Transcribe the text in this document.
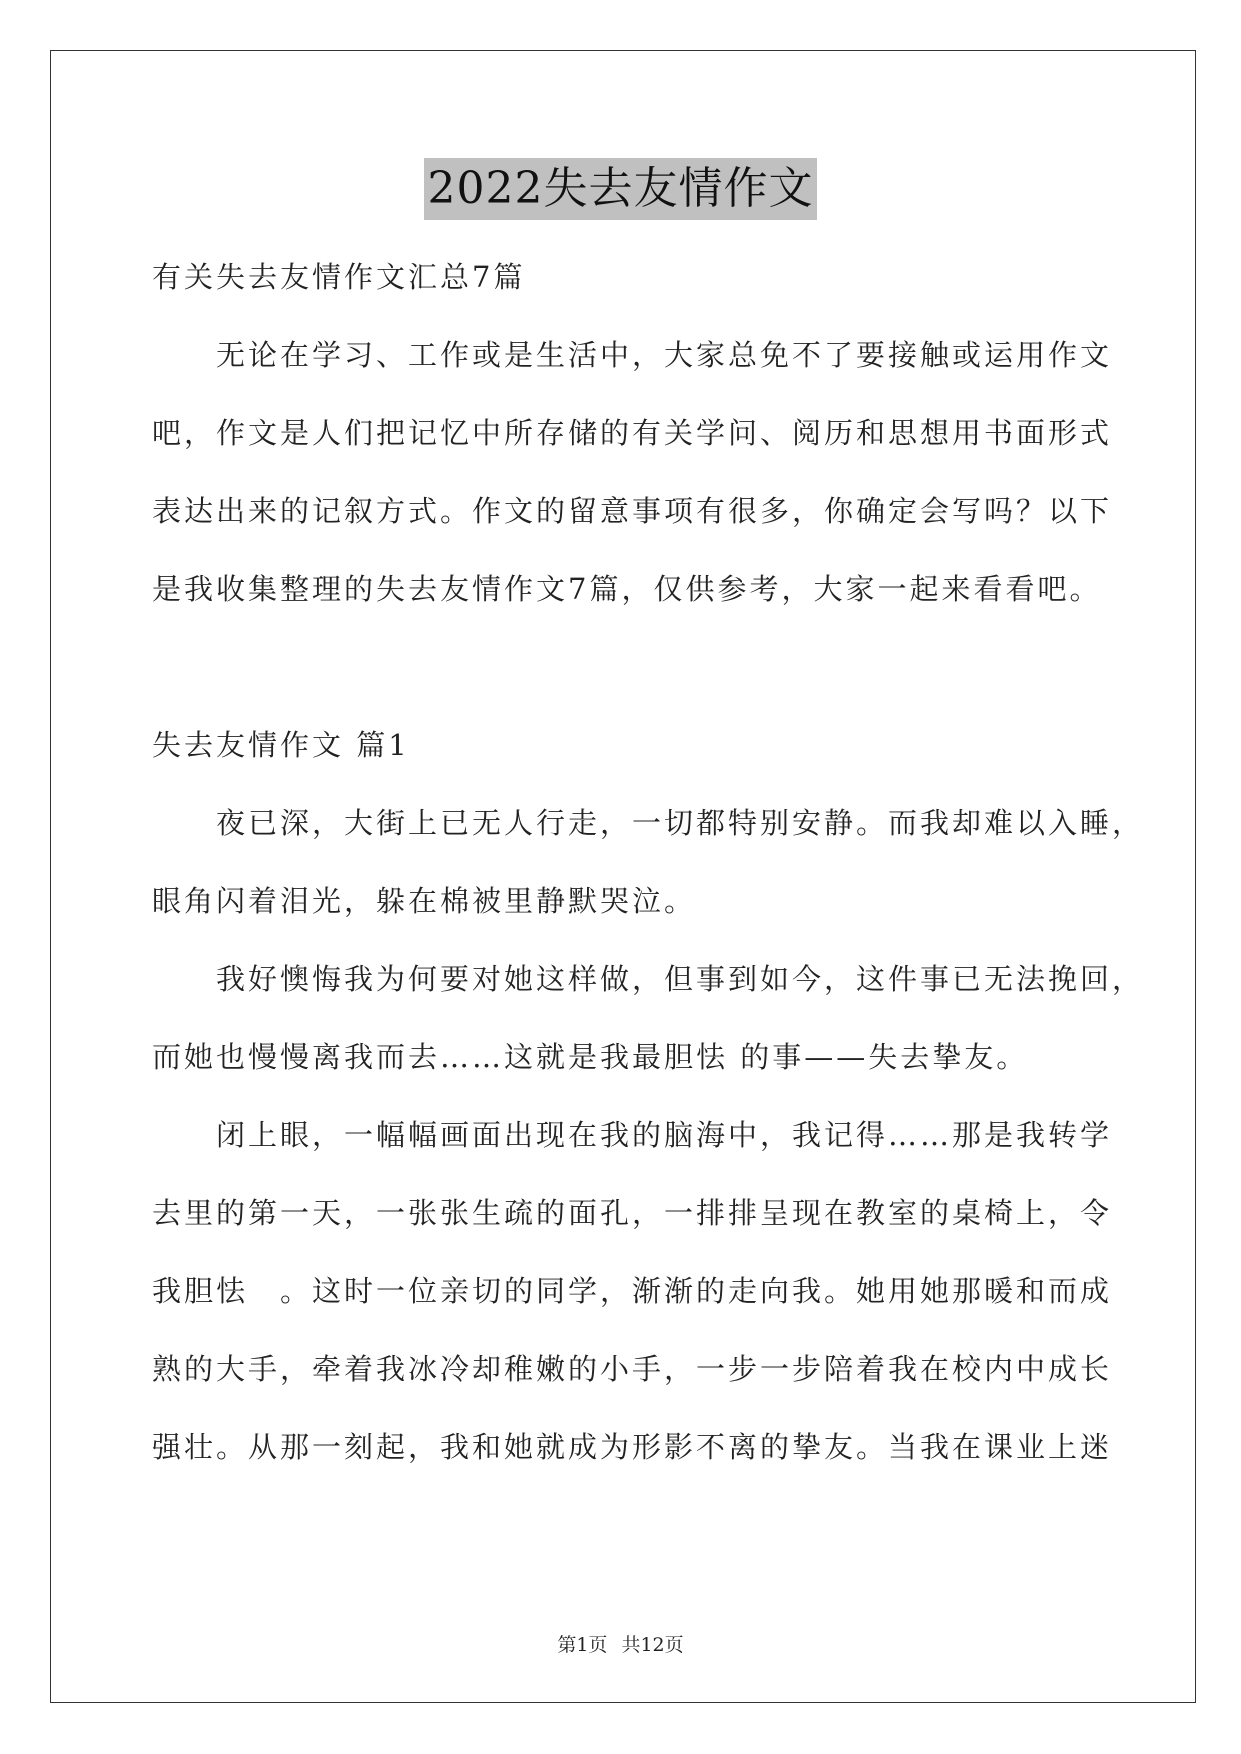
2022失去友情作文
有关失去友情作文汇总7篇
无论在学习、工作或是生活中，大家总免不了要接触或运用作文
吧，作文是人们把记忆中所存储的有关学问、阅历和思想用书面形式
表达出来的记叙方式。作文的留意事项有很多，你确定会写吗？以下
是我收集整理的失去友情作文7篇，仅供参考，大家一起来看看吧。
失去友情作文 篇1
夜已深，大街上已无人行走，一切都特别安静。而我却难以入睡，
眼角闪着泪光，躲在棉被里静默哭泣。
我好懊悔我为何要对她这样做，但事到如今，这件事已无法挽回，
而她也慢慢离我而去……这就是我最胆怯 的事——失去挚友。
闭上眼，一幅幅画面出现在我的脑海中，我记得……那是我转学
去里的第一天，一张张生疏的面孔，一排排呈现在教室的桌椅上，令
我胆怯　。这时一位亲切的同学，渐渐的走向我。她用她那暖和而成
熟的大手，牵着我冰冷却稚嫩的小手，一步一步陪着我在校内中成长
强壮。从那一刻起，我和她就成为形影不离的挚友。当我在课业上迷
第1页 共12页
